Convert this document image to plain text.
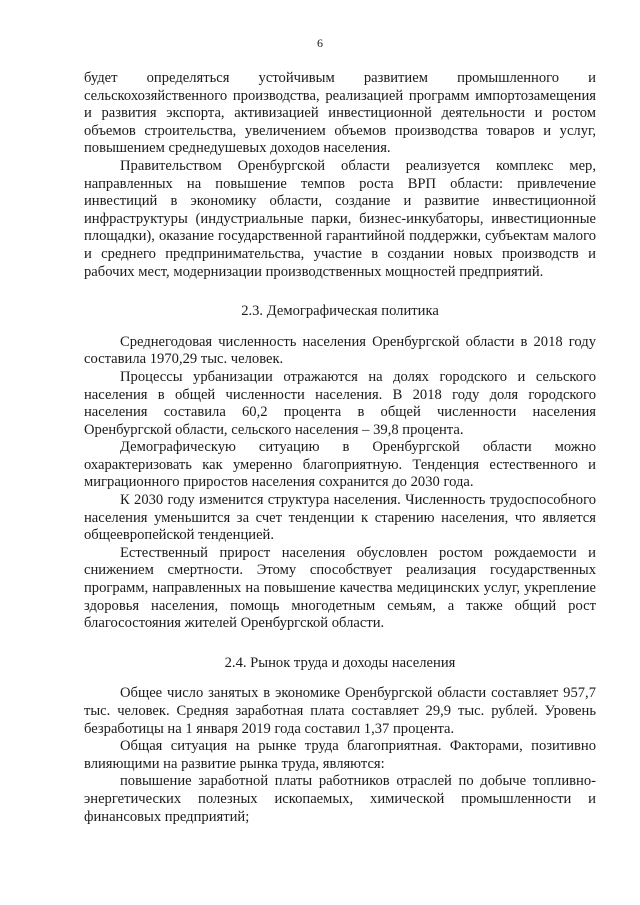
6

будет определяться устойчивым развитием промышленного и сельскохозяйственного производства, реализацией программ импортозамещения и развития экспорта, активизацией инвестиционной деятельности и ростом объемов строительства, увеличением объемов производства товаров и услуг, повышением среднедушевых доходов населения.

Правительством Оренбургской области реализуется комплекс мер, направленных на повышение темпов роста ВРП области: привлечение инвестиций в экономику области, создание и развитие инвестиционной инфраструктуры (индустриальные парки, бизнес-инкубаторы, инвестиционные площадки), оказание государственной гарантийной поддержки, субъектам малого и среднего предпринимательства, участие в создании новых производств и рабочих мест, модернизации производственных мощностей предприятий.

2.3. Демографическая политика

Среднегодовая численность населения Оренбургской области в 2018 году составила 1970,29 тыс. человек.

Процессы урбанизации отражаются на долях городского и сельского населения в общей численности населения. В 2018 году доля городского населения составила 60,2 процента в общей численности населения Оренбургской области, сельского населения – 39,8 процента.

Демографическую ситуацию в Оренбургской области можно охарактеризовать как умеренно благоприятную. Тенденция естественного и миграционного приростов населения сохранится до 2030 года.

К 2030 году изменится структура населения. Численность трудоспособного населения уменьшится за счет тенденции к старению населения, что является общеевропейской тенденцией.

Естественный прирост населения обусловлен ростом рождаемости и снижением смертности. Этому способствует реализация государственных программ, направленных на повышение качества медицинских услуг, укрепление здоровья населения, помощь многодетным семьям, а также общий рост благосостояния жителей Оренбургской области.

2.4. Рынок труда и доходы населения

Общее число занятых в экономике Оренбургской области составляет 957,7 тыс. человек. Средняя заработная плата составляет 29,9 тыс. рублей. Уровень безработицы на 1 января 2019 года составил 1,37 процента.

Общая ситуация на рынке труда благоприятная. Факторами, позитивно влияющими на развитие рынка труда, являются:

повышение заработной платы работников отраслей по добыче топливно-энергетических полезных ископаемых, химической промышленности и финансовых предприятий;
